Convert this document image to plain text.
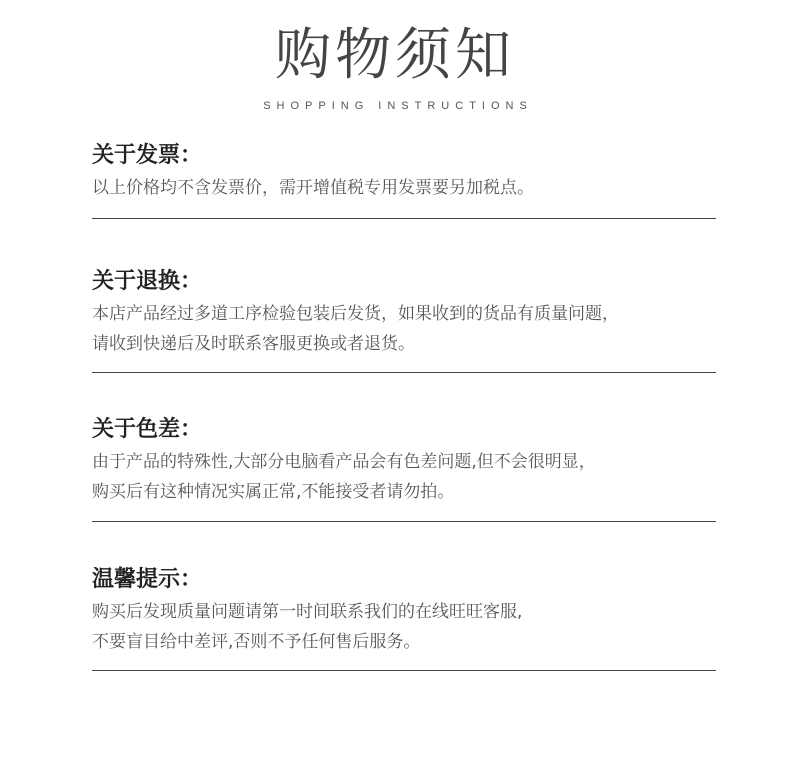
购物须知
SHOPPING INSTRUCTIONS
关于发票：
以上价格均不含发票价，需开增值税专用发票要另加税点。
关于退换：
本店产品经过多道工序检验包装后发货，如果收到的货品有质量问题，
请收到快递后及时联系客服更换或者退货。
关于色差：
由于产品的特殊性,大部分电脑看产品会有色差问题,但不会很明显，
购买后有这种情况实属正常,不能接受者请勿拍。
温馨提示：
购买后发现质量问题请第一时间联系我们的在线旺旺客服,
不要盲目给中差评,否则不予任何售后服务。
